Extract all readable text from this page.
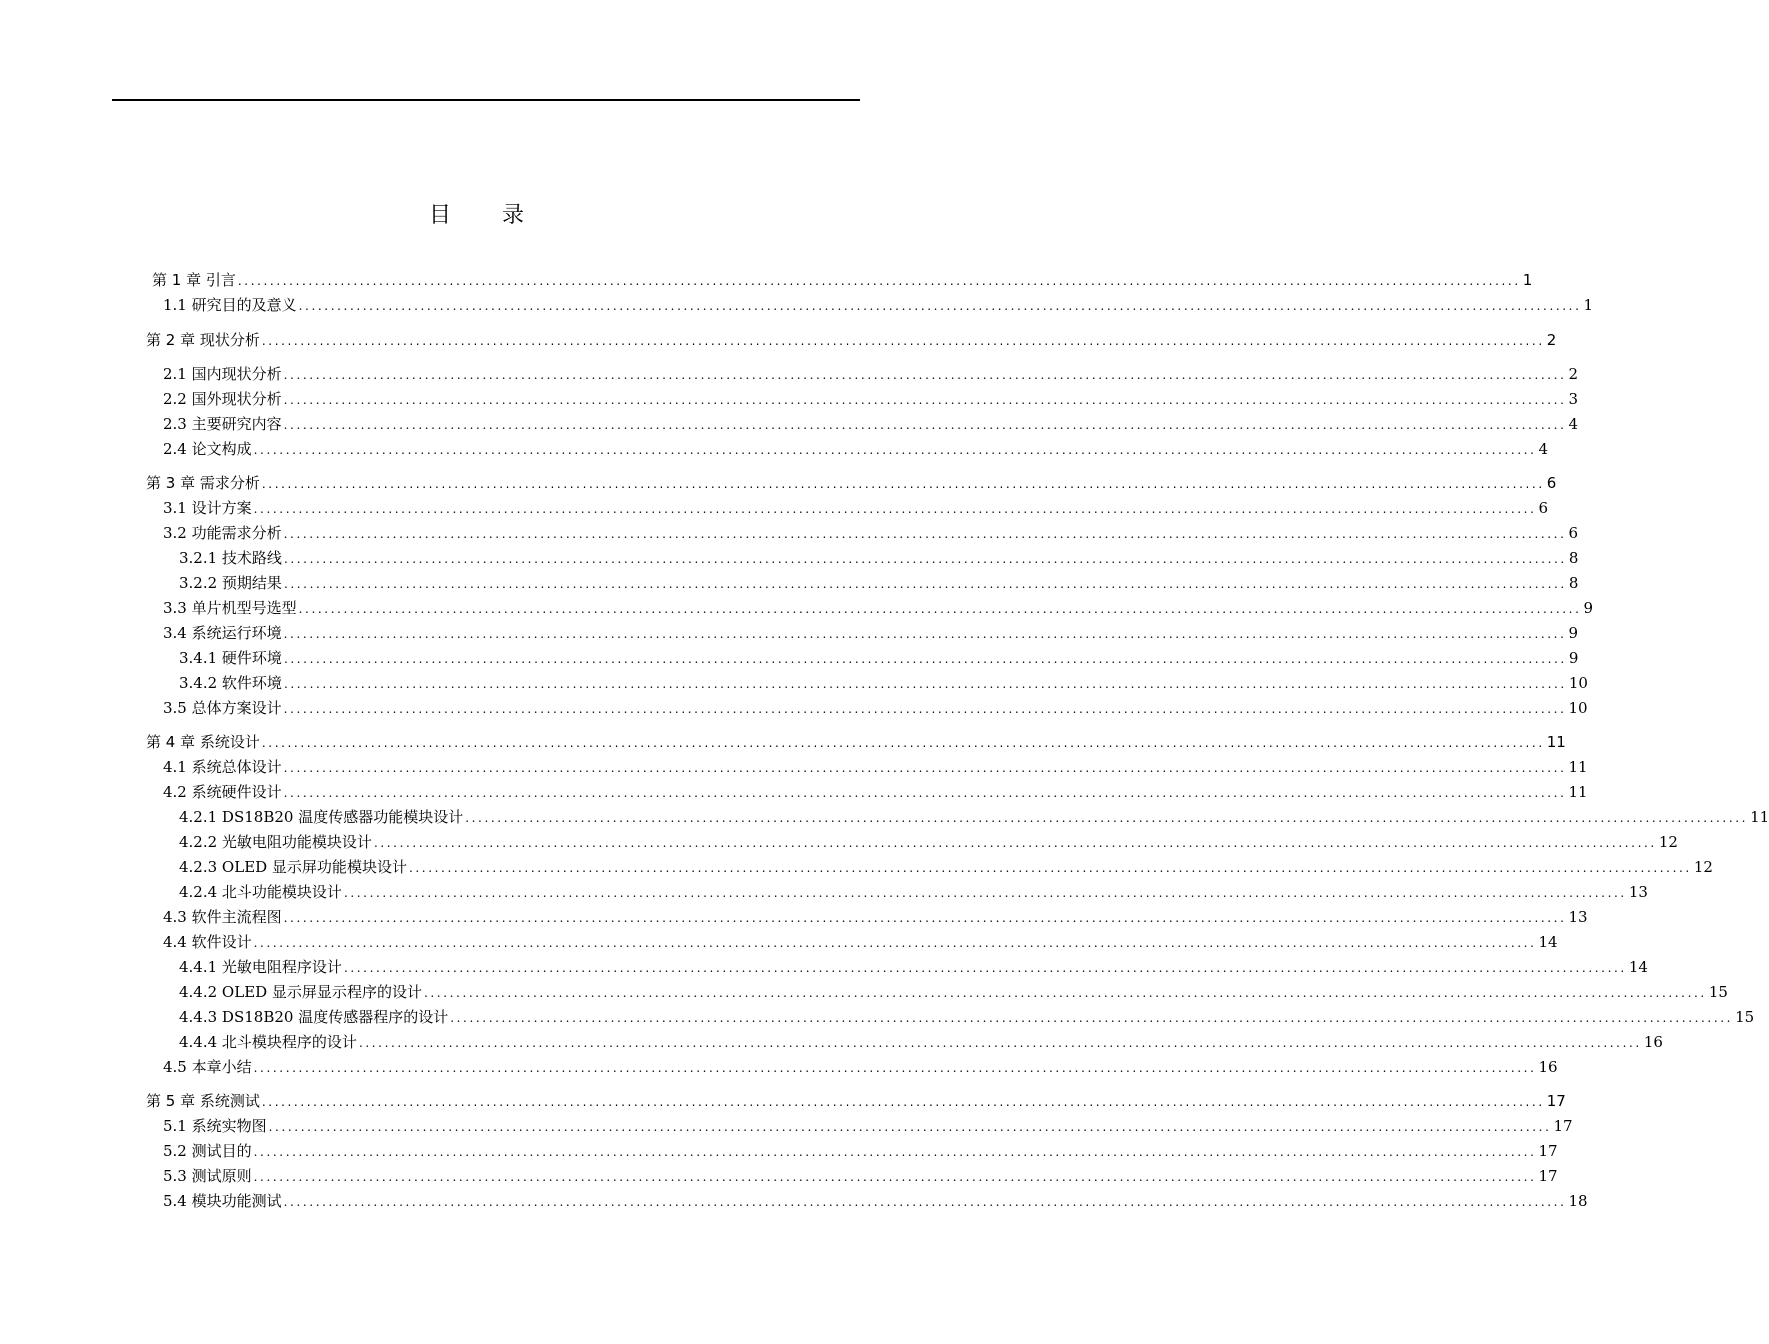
目 录
第 1 章 引言 ........................................................................................................................................................................................................ 1
1.1 研究目的及意义 ........................................................................................................................................................................................................ 1
第 2 章 现状分析 ........................................................................................................................................................................................................ 2
2.1 国内现状分析 ........................................................................................................................................................................................................ 2
2.2 国外现状分析 ........................................................................................................................................................................................................ 3
2.3 主要研究内容 ........................................................................................................................................................................................................ 4
2.4 论文构成 ........................................................................................................................................................................................................ 4
第 3 章 需求分析 ........................................................................................................................................................................................................ 6
3.1 设计方案 ........................................................................................................................................................................................................ 6
3.2 功能需求分析 ........................................................................................................................................................................................................ 6
3.2.1 技术路线 ........................................................................................................................................................................................................ 8
3.2.2 预期结果 ........................................................................................................................................................................................................ 8
3.3 单片机型号选型 ........................................................................................................................................................................................................ 9
3.4 系统运行环境 ........................................................................................................................................................................................................ 9
3.4.1 硬件环境 ........................................................................................................................................................................................................ 9
3.4.2 软件环境 ........................................................................................................................................................................................................ 10
3.5 总体方案设计 ........................................................................................................................................................................................................ 10
第 4 章 系统设计 ........................................................................................................................................................................................................ 11
4.1 系统总体设计 ........................................................................................................................................................................................................ 11
4.2 系统硬件设计 ........................................................................................................................................................................................................ 11
4.2.1 DS18B20 温度传感器功能模块设计 ........................................................................................................................................................................................................ 11
4.2.2 光敏电阻功能模块设计 ........................................................................................................................................................................................................ 12
4.2.3 OLED 显示屏功能模块设计 ........................................................................................................................................................................................................ 12
4.2.4 北斗功能模块设计 ........................................................................................................................................................................................................ 13
4.3 软件主流程图 ........................................................................................................................................................................................................ 13
4.4 软件设计 ........................................................................................................................................................................................................ 14
4.4.1 光敏电阻程序设计 ........................................................................................................................................................................................................ 14
4.4.2 OLED 显示屏显示程序的设计 ........................................................................................................................................................................................................ 15
4.4.3 DS18B20 温度传感器程序的设计 ........................................................................................................................................................................................................ 15
4.4.4 北斗模块程序的设计 ........................................................................................................................................................................................................ 16
4.5 本章小结 ........................................................................................................................................................................................................ 16
第 5 章 系统测试 ........................................................................................................................................................................................................ 17
5.1 系统实物图 ........................................................................................................................................................................................................ 17
5.2 测试目的 ........................................................................................................................................................................................................ 17
5.3 测试原则 ........................................................................................................................................................................................................ 17
5.4 模块功能测试 ........................................................................................................................................................................................................ 18
